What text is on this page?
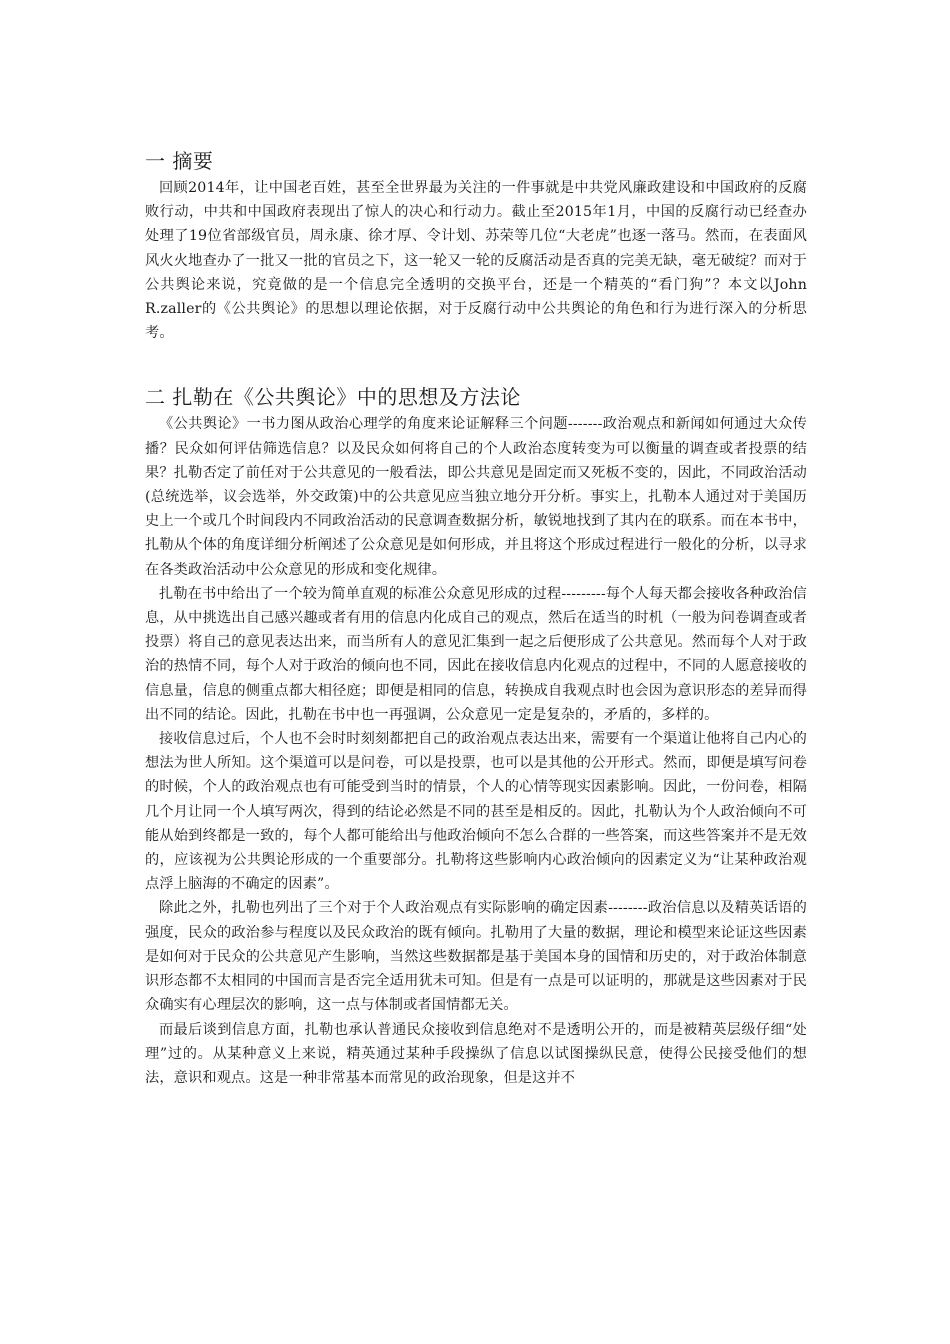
一 摘要

回顾2014年，让中国老百姓，甚至全世界最为关注的一件事就是中共党风廉政建设和中国政府的反腐败行动，中共和中国政府表现出了惊人的决心和行动力。截止至2015年1月，中国的反腐行动已经查办处理了19位省部级官员，周永康、徐才厚、令计划、苏荣等几位“大老虎”也逐一落马。然而，在表面风风火火地查办了一批又一批的官员之下，这一轮又一轮的反腐活动是否真的完美无缺，毫无破绽？而对于公共舆论来说，究竟做的是一个信息完全透明的交换平台，还是一个精英的“看门狗”？本文以John R.zaller的《公共舆论》的思想以理论依据，对于反腐行动中公共舆论的角色和行为进行深入的分析思考。

二 扎勒在《公共舆论》中的思想及方法论

《公共舆论》一书力图从政治心理学的角度来论证解释三个问题-------政治观点和新闻如何通过大众传播？民众如何评估筛选信息？以及民众如何将自己的个人政治态度转变为可以衡量的调查或者投票的结果？扎勒否定了前任对于公共意见的一般看法，即公共意见是固定而又死板不变的，因此，不同政治活动(总统选举，议会选举，外交政策)中的公共意见应当独立地分开分析。事实上，扎勒本人通过对于美国历史上一个或几个时间段内不同政治活动的民意调查数据分析，敏锐地找到了其内在的联系。而在本书中，扎勒从个体的角度详细分析阐述了公众意见是如何形成，并且将这个形成过程进行一般化的分析，以寻求在各类政治活动中公众意见的形成和变化规律。

扎勒在书中给出了一个较为简单直观的标准公众意见形成的过程---------每个人每天都会接收各种政治信息，从中挑选出自己感兴趣或者有用的信息内化成自己的观点，然后在适当的时机（一般为问卷调查或者投票）将自己的意见表达出来，而当所有人的意见汇集到一起之后便形成了公共意见。然而每个人对于政治的热情不同，每个人对于政治的倾向也不同，因此在接收信息内化观点的过程中，不同的人愿意接收的信息量，信息的侧重点都大相径庭；即便是相同的信息，转换成自我观点时也会因为意识形态的差异而得出不同的结论。因此，扎勒在书中也一再强调，公众意见一定是复杂的，矛盾的，多样的。

接收信息过后，个人也不会时时刻刻都把自己的政治观点表达出来，需要有一个渠道让他将自己内心的想法为世人所知。这个渠道可以是问卷，可以是投票，也可以是其他的公开形式。然而，即便是填写问卷的时候，个人的政治观点也有可能受到当时的情景，个人的心情等现实因素影响。因此，一份问卷，相隔几个月让同一个人填写两次，得到的结论必然是不同的甚至是相反的。因此，扎勒认为个人政治倾向不可能从始到终都是一致的，每个人都可能给出与他政治倾向不怎么合群的一些答案，而这些答案并不是无效的，应该视为公共舆论形成的一个重要部分。扎勒将这些影响内心政治倾向的因素定义为“让某种政治观点浮上脑海的不确定的因素”。

除此之外，扎勒也列出了三个对于个人政治观点有实际影响的确定因素--------政治信息以及精英话语的强度，民众的政治参与程度以及民众政治的既有倾向。扎勒用了大量的数据，理论和模型来论证这些因素是如何对于民众的公共意见产生影响，当然这些数据都是基于美国本身的国情和历史的，对于政治体制意识形态都不太相同的中国而言是否完全适用犹未可知。但是有一点是可以证明的，那就是这些因素对于民众确实有心理层次的影响，这一点与体制或者国情都无关。

而最后谈到信息方面，扎勒也承认普通民众接收到信息绝对不是透明公开的，而是被精英层级仔细“处理”过的。从某种意义上来说，精英通过某种手段操纵了信息以试图操纵民意，使得公民接受他们的想法，意识和观点。这是一种非常基本而常见的政治现象，但是这并不
